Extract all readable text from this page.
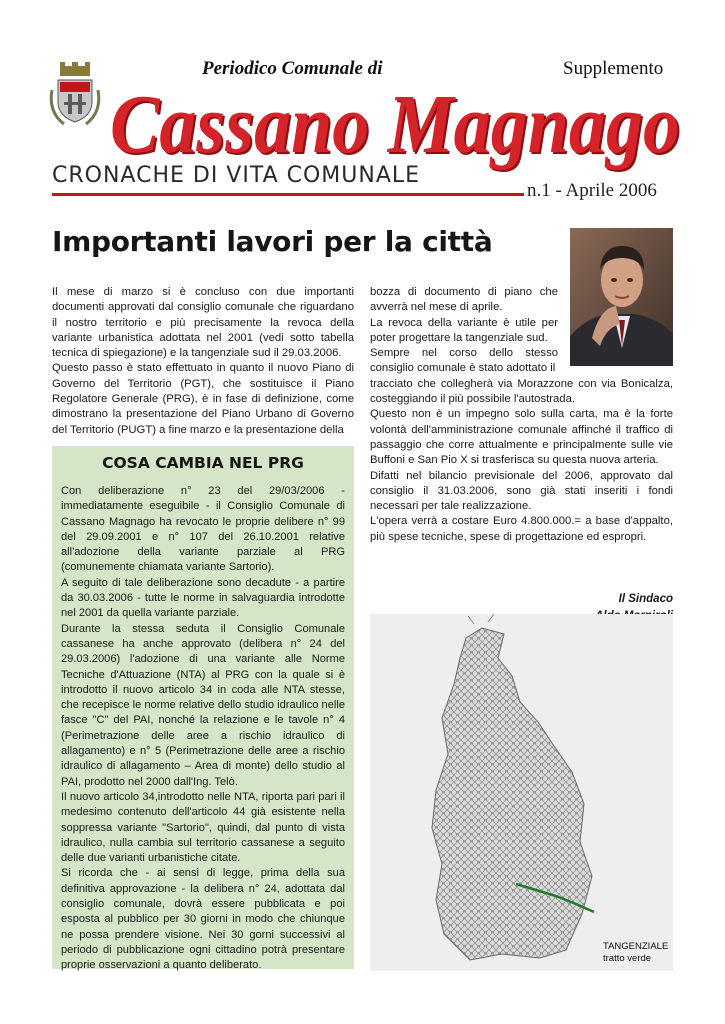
Cassano Magnago
Cassano Magnago
Periodico Comunale di	Supplemento
CRONACHE DI VITA COMUNALE
n.1 - Aprile 2006
Importanti lavori per la città

Il mese di marzo si è concluso con due importanti documenti approvati dal consiglio comunale che riguardano il nostro territorio e più precisamente la revoca della variante urbanistica adottata nel 2001 (vedi sotto tabella tecnica di spiegazione) e la tangenziale sud il 29.03.2006.

Questo passo è stato effettuato in quanto il nuovo Piano di Governo del Territorio (PGT), che sostituisce il Piano Regolatore Generale (PRG), è in fase di definizione, come dimostrano la presentazione del Piano Urbano di Governo del Territorio (PUGT) a fine marzo e la presentazione della

COSA CAMBIA NEL PRG

Con deliberazione n° 23 del 29/03/2006 - immediatamente eseguibile - il Consiglio Comunale di Cassano Magnago ha revocato le proprie delibere n° 99 del 29.09.2001 e n° 107 del 26.10.2001 relative all'adozione della variante parziale al PRG (comunemente chiamata variante Sartorio).

A seguito di tale deliberazione sono decadute - a partire da 30.03.2006 - tutte le norme in salvaguardia introdotte nel 2001 da quella variante parziale.

Durante la stessa seduta il Consiglio Comunale cassanese ha anche approvato (delibera n° 24 del 29.03.2006) l'adozione di una variante alle Norme Tecniche d'Attuazione (NTA) al PRG con la quale si è introdotto il nuovo articolo 34 in coda alle NTA stesse, che recepisce le norme relative dello studio idraulico nelle fasce "C" del PAI, nonché la relazione e le tavole n° 4 (Perimetrazione delle aree a rischio idraulico di allagamento) e n° 5 (Perimetrazione delle aree a rischio idraulico di allagamento – Area di monte) dello studio al PAI, prodotto nel 2000 dall'Ing. Telò.

Il nuovo articolo 34,introdotto nelle NTA, riporta pari pari il medesimo contenuto dell'articolo 44 già esistente nella soppressa variante "Sartorio", quindi, dal punto di vista idraulico, nulla cambia sul territorio cassanese a seguito delle due varianti urbanistiche citate.

Si ricorda che - ai sensi di legge, prima della sua definitiva approvazione - la delibera n° 24, adottata dal consiglio comunale, dovrà essere pubblicata e poi esposta al pubblico per 30 giorni in modo che chiunque ne possa prendere visione. Nei 30 gorni successivi al periodo di pubblicazione ogni cittadino potrà presentare proprie osservazioni a quanto deliberato.

bozza di documento di piano che avverrà nel mese di aprile.

La revoca della variante è utile per poter progettare la tangenziale sud.

Sempre nel corso dello stesso consiglio comunale è stato adottato il

tracciato che collegherà via Morazzone con via Bonicalza, costeggiando il più possibile l'autostrada.

Questo non è un impegno solo sulla carta, ma è la forte volontà dell'amministrazione comunale affinché il traffico di passaggio che corre attualmente e principalmente sulle vie Buffoni e San Pio X si trasferisca su questa nuova arteria.

Difatti nel bilancio previsionale del 2006, approvato dal consiglio il 31.03.2006, sono già stati inseriti i fondi necessari per tale realizzazione.

L'opera verrà a costare Euro 4.800.000.= a base d'appalto, più spese tecniche, spese di progettazione ed espropri.

Il Sindaco
TANGENZIALE
tratto verde
